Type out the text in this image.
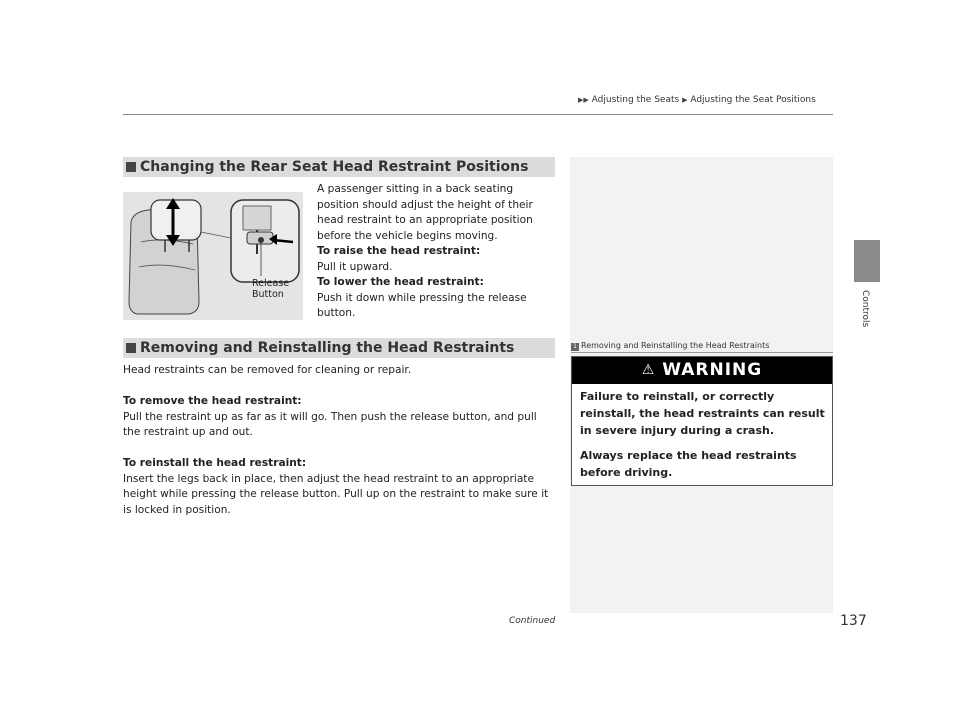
▶▶ Adjusting the Seats ▶ Adjusting the Seat Positions
Controls
Changing the Rear Seat Head Restraint Positions
Release
Button
A passenger sitting in a back seating position should adjust the height of their head restraint to an appropriate position before the vehicle begins moving.
To raise the head restraint:
Pull it upward.
To lower the head restraint:
Push it down while pressing the release button.
Removing and Reinstalling the Head Restraints
Head restraints can be removed for cleaning or repair.
To remove the head restraint:
Pull the restraint up as far as it will go. Then push the release button, and pull the restraint up and out.
To reinstall the head restraint:
Insert the legs back in place, then adjust the head restraint to an appropriate height while pressing the release button. Pull up on the restraint to make sure it is locked in position.
1 Removing and Reinstalling the Head Restraints
⚠ WARNING
Failure to reinstall, or correctly reinstall, the head restraints can result in severe injury during a crash.
Always replace the head restraints before driving.
Continued	137
